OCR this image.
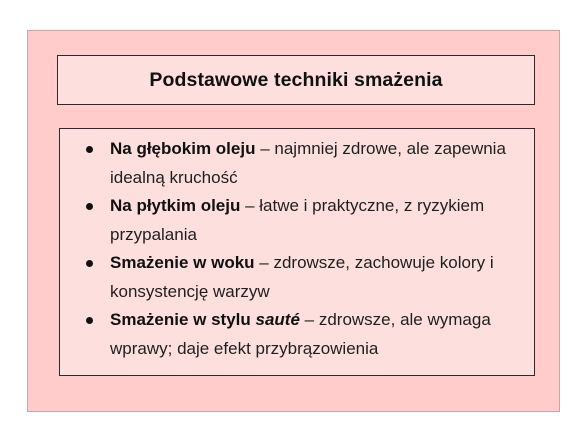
Podstawowe techniki smażenia
Na głębokim oleju – najmniej zdrowe, ale zapewnia idealną kruchość
Na płytkim oleju – łatwe i praktyczne, z ryzykiem przypalania
Smażenie w woku – zdrowsze, zachowuje kolory i konsystencję warzyw
Smażenie w stylu sauté – zdrowsze, ale wymaga wprawy; daje efekt przybrązowienia
